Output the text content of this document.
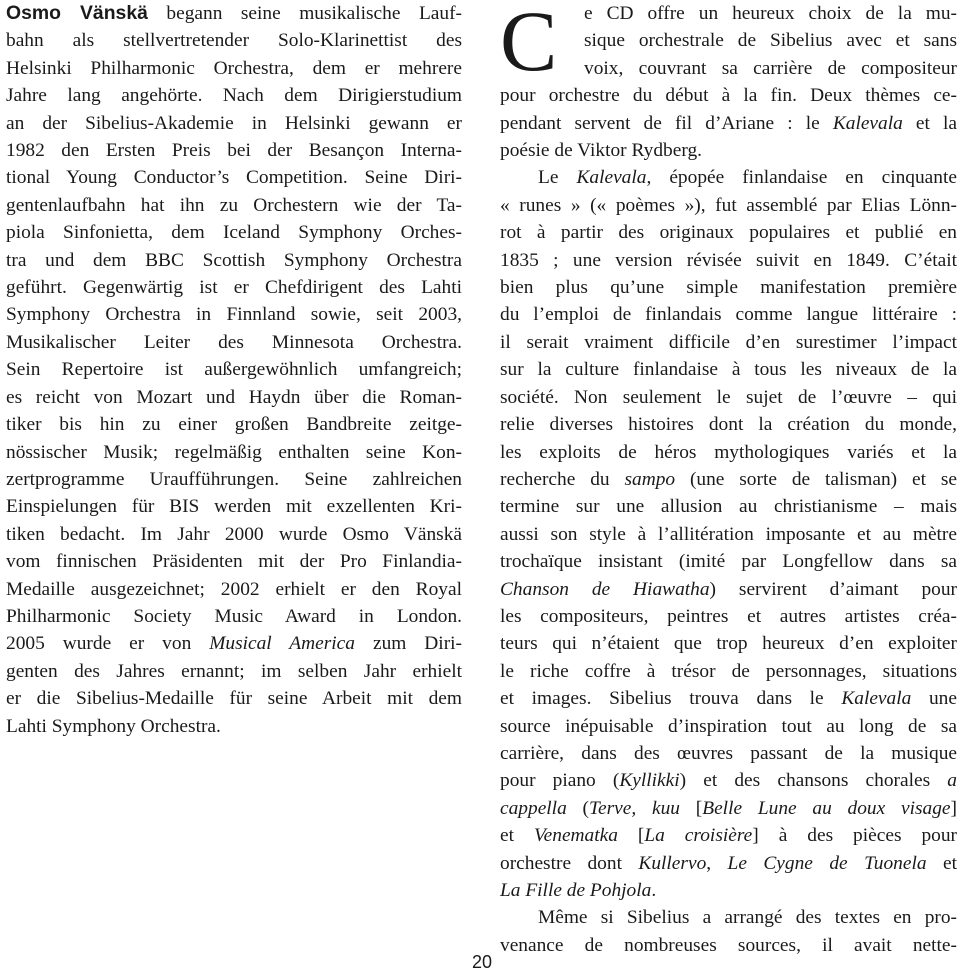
Osmo Vänskä begann seine musikalische Lauf-
bahn als stellvertretender Solo-Klarinettist des
Helsinki Philharmonic Orchestra, dem er mehrere
Jahre lang angehörte. Nach dem Dirigierstudium
an der Sibelius-Akademie in Helsinki gewann er
1982 den Ersten Preis bei der Besançon Interna-
tional Young Conductor’s Competition. Seine Diri-
gentenlaufbahn hat ihn zu Orchestern wie der Ta-
piola Sinfonietta, dem Iceland Symphony Orches-
tra und dem BBC Scottish Symphony Orchestra
geführt. Gegenwärtig ist er Chefdirigent des Lahti
Symphony Orchestra in Finnland sowie, seit 2003,
Musikalischer Leiter des Minnesota Orchestra.
Sein Repertoire ist außergewöhnlich umfangreich;
es reicht von Mozart und Haydn über die Roman-
tiker bis hin zu einer großen Bandbreite zeitge-
nössischer Musik; regelmäßig enthalten seine Kon-
zertprogramme Uraufführungen. Seine zahlreichen
Einspielungen für BIS werden mit exzellenten Kri-
tiken bedacht. Im Jahr 2000 wurde Osmo Vänskä
vom finnischen Präsidenten mit der Pro Finlandia-
Medaille ausgezeichnet; 2002 erhielt er den Royal
Philharmonic Society Music Award in London.
2005 wurde er von Musical America zum Diri-
genten des Jahres ernannt; im selben Jahr erhielt
er die Sibelius-Medaille für seine Arbeit mit dem
Lahti Symphony Orchestra.
C	e CD offre un heureux choix de la mu-
sique orchestrale de Sibelius avec et sans
voix, couvrant sa carrière de compositeur
pour orchestre du début à la fin. Deux thèmes ce-
pendant servent de fil d’Ariane : le Kalevala et la
poésie de Viktor Rydberg.
Le Kalevala, épopée finlandaise en cinquante
« runes » (« poèmes »), fut assemblé par Elias Lönn-
rot à partir des originaux populaires et publié en
1835 ; une version révisée suivit en 1849. C’était
bien plus qu’une simple manifestation première
du l’emploi de finlandais comme langue littéraire :
il serait vraiment difficile d’en surestimer l’impact
sur la culture finlandaise à tous les niveaux de la
société. Non seulement le sujet de l’œuvre – qui
relie diverses histoires dont la création du monde,
les exploits de héros mythologiques variés et la
recherche du sampo (une sorte de talisman) et se
termine sur une allusion au christianisme – mais
aussi son style à l’allitération imposante et au mètre
trochaïque insistant (imité par Longfellow dans sa
Chanson de Hiawatha) servirent d’aimant pour
les compositeurs, peintres et autres artistes créa-
teurs qui n’étaient que trop heureux d’en exploiter
le riche coffre à trésor de personnages, situations
et images. Sibelius trouva dans le Kalevala une
source inépuisable d’inspiration tout au long de sa
carrière, dans des œuvres passant de la musique
pour piano (Kyllikki) et des chansons chorales a
cappella (Terve, kuu [Belle Lune au doux visage]
et Venematka [La croisière] à des pièces pour
orchestre dont Kullervo, Le Cygne de Tuonela et
La Fille de Pohjola.
Même si Sibelius a arrangé des textes en pro-
venance de nombreuses sources, il avait nette-
20
